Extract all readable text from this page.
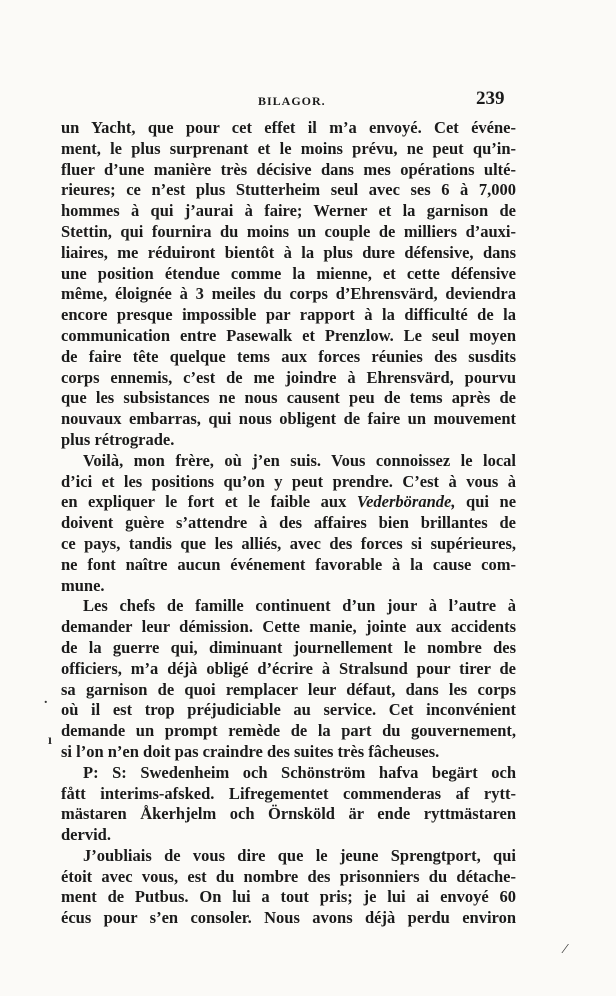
BILAGOR.	239
un Yacht, que pour cet effet il m’a envoyé. Cet événe-
ment, le plus surprenant et le moins prévu, ne peut qu’in-
fluer d’une manière très décisive dans mes opérations ulté-
rieures; ce n’est plus Stutterheim seul avec ses 6 à 7,000
hommes à qui j’aurai à faire; Werner et la garnison de
Stettin, qui fournira du moins un couple de milliers d’auxi-
liaires, me réduiront bientôt à la plus dure défensive, dans
une position étendue comme la mienne, et cette défensive
même, éloignée à 3 meiles du corps d’Ehrensvärd, deviendra
encore presque impossible par rapport à la difficulté de la
communication entre Pasewalk et Prenzlow. Le seul moyen
de faire tête quelque tems aux forces réunies des susdits
corps ennemis, c’est de me joindre à Ehrensvärd, pourvu
que les subsistances ne nous causent peu de tems après de
nouvaux embarras, qui nous obligent de faire un mouvement
plus rétrograde.
Voilà, mon frère, où j’en suis. Vous connoissez le local
d’ici et les positions qu’on y peut prendre. C’est à vous à
en expliquer le fort et le faible aux Vederbörande, qui ne
doivent guère s’attendre à des affaires bien brillantes de
ce pays, tandis que les alliés, avec des forces si supérieures,
ne font naître aucun événement favorable à la cause com-
mune.
Les chefs de famille continuent d’un jour à l’autre à
demander leur démission. Cette manie, jointe aux accidents
de la guerre qui, diminuant journellement le nombre des
officiers, m’a déjà obligé d’écrire à Stralsund pour tirer de
sa garnison de quoi remplacer leur défaut, dans les corps
où il est trop préjudiciable au service. Cet inconvénient
demande un prompt remède de la part du gouvernement,
si l’on n’en doit pas craindre des suites très fâcheuses.
P: S: Swedenheim och Schönström hafva begärt och
fått interims-afsked. Lifregementet commenderas af rytt-
mästaren Åkerhjelm och Örnsköld är ende ryttmästaren
dervid.
J’oubliais de vous dire que le jeune Sprengtport, qui
étoit avec vous, est du nombre des prisonniers du détache-
ment de Putbus. On lui a tout pris; je lui ai envoyé 60
écus pour s’en consoler. Nous avons déjà perdu environ
.
ı
⁄
